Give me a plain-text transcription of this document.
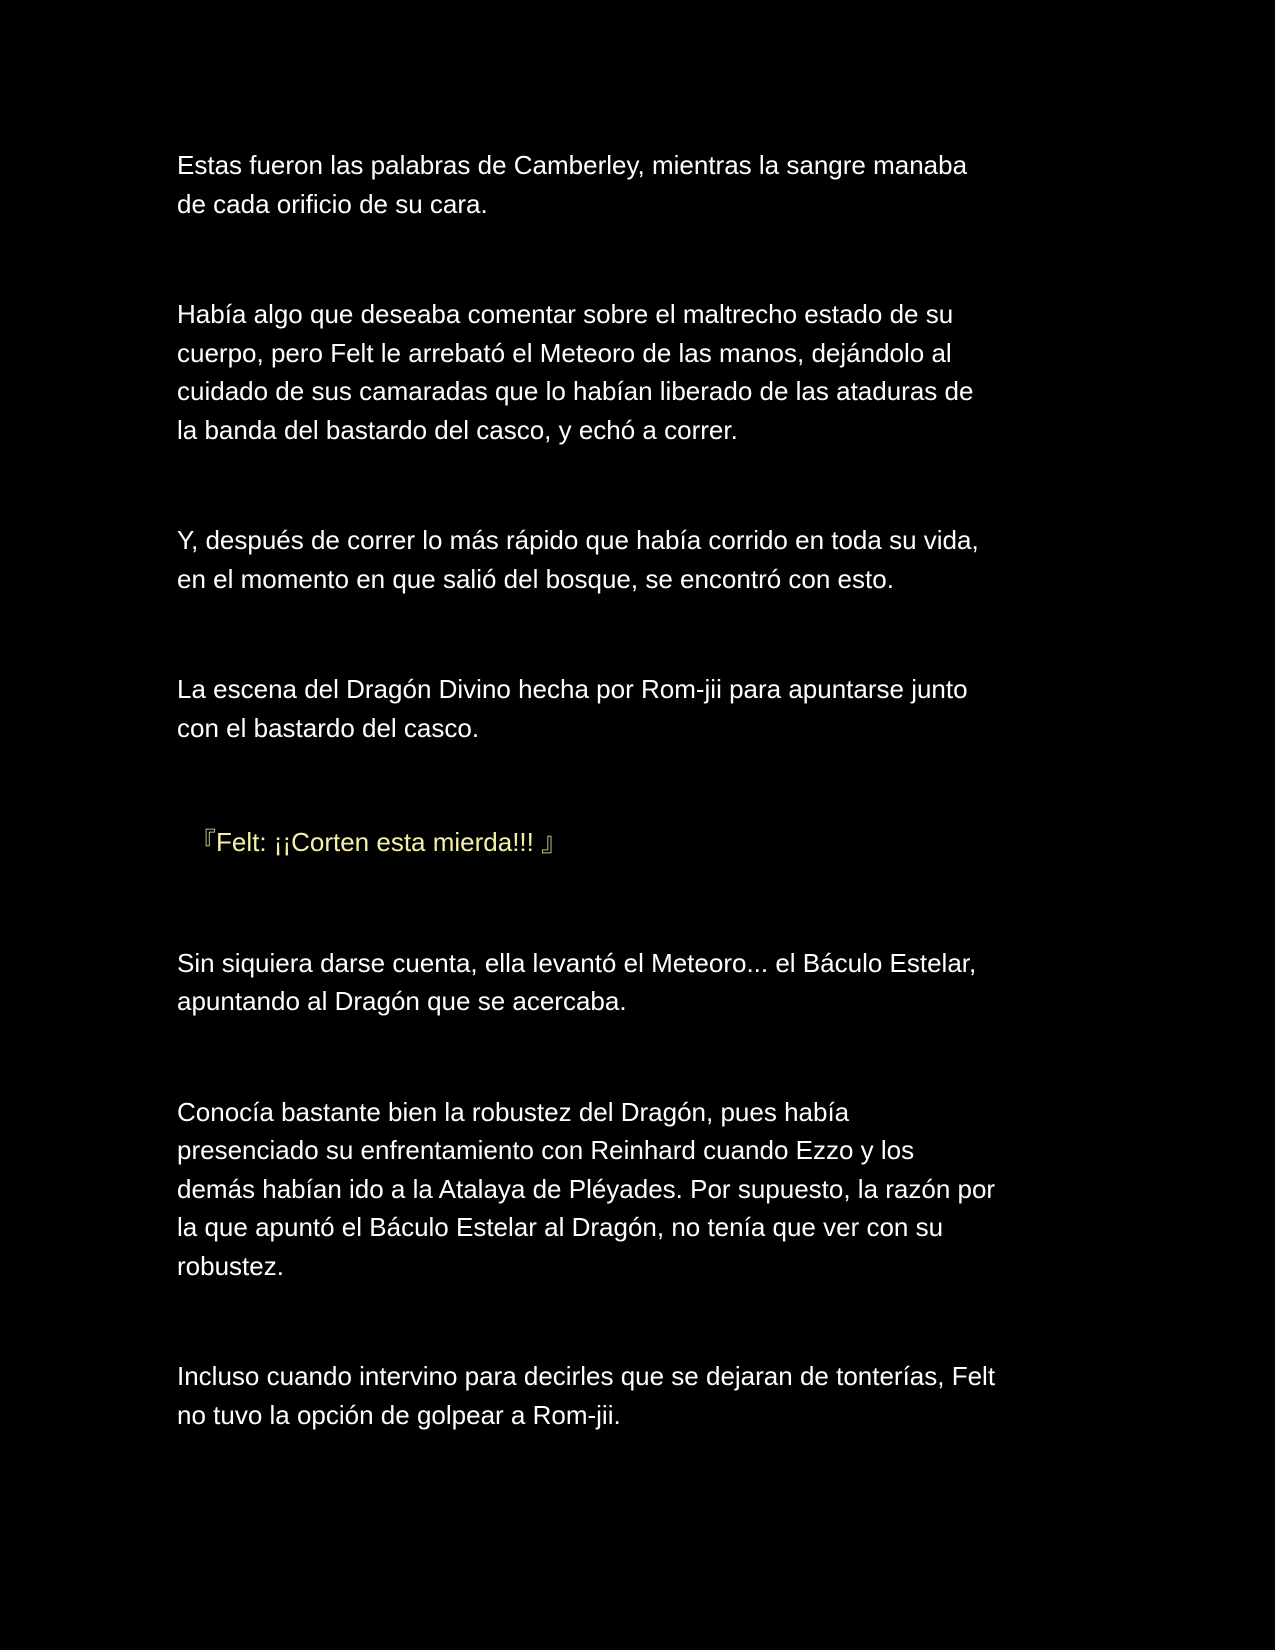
Estas fueron las palabras de Camberley, mientras la sangre manaba
de cada orificio de su cara.

Había algo que deseaba comentar sobre el maltrecho estado de su
cuerpo, pero Felt le arrebató el Meteoro de las manos, dejándolo al
cuidado de sus camaradas que lo habían liberado de las ataduras de
la banda del bastardo del casco, y echó a correr.

Y, después de correr lo más rápido que había corrido en toda su vida,
en el momento en que salió del bosque, se encontró con esto.

La escena del Dragón Divino hecha por Rom-jii para apuntarse junto
con el bastardo del casco.

『Felt: ¡¡Corten esta mierda!!! 』

Sin siquiera darse cuenta, ella levantó el Meteoro... el Báculo Estelar,
apuntando al Dragón que se acercaba.

Conocía bastante bien la robustez del Dragón, pues había
presenciado su enfrentamiento con Reinhard cuando Ezzo y los
demás habían ido a la Atalaya de Pléyades. Por supuesto, la razón por
la que apuntó el Báculo Estelar al Dragón, no tenía que ver con su
robustez.

Incluso cuando intervino para decirles que se dejaran de tonterías, Felt
no tuvo la opción de golpear a Rom-jii.
